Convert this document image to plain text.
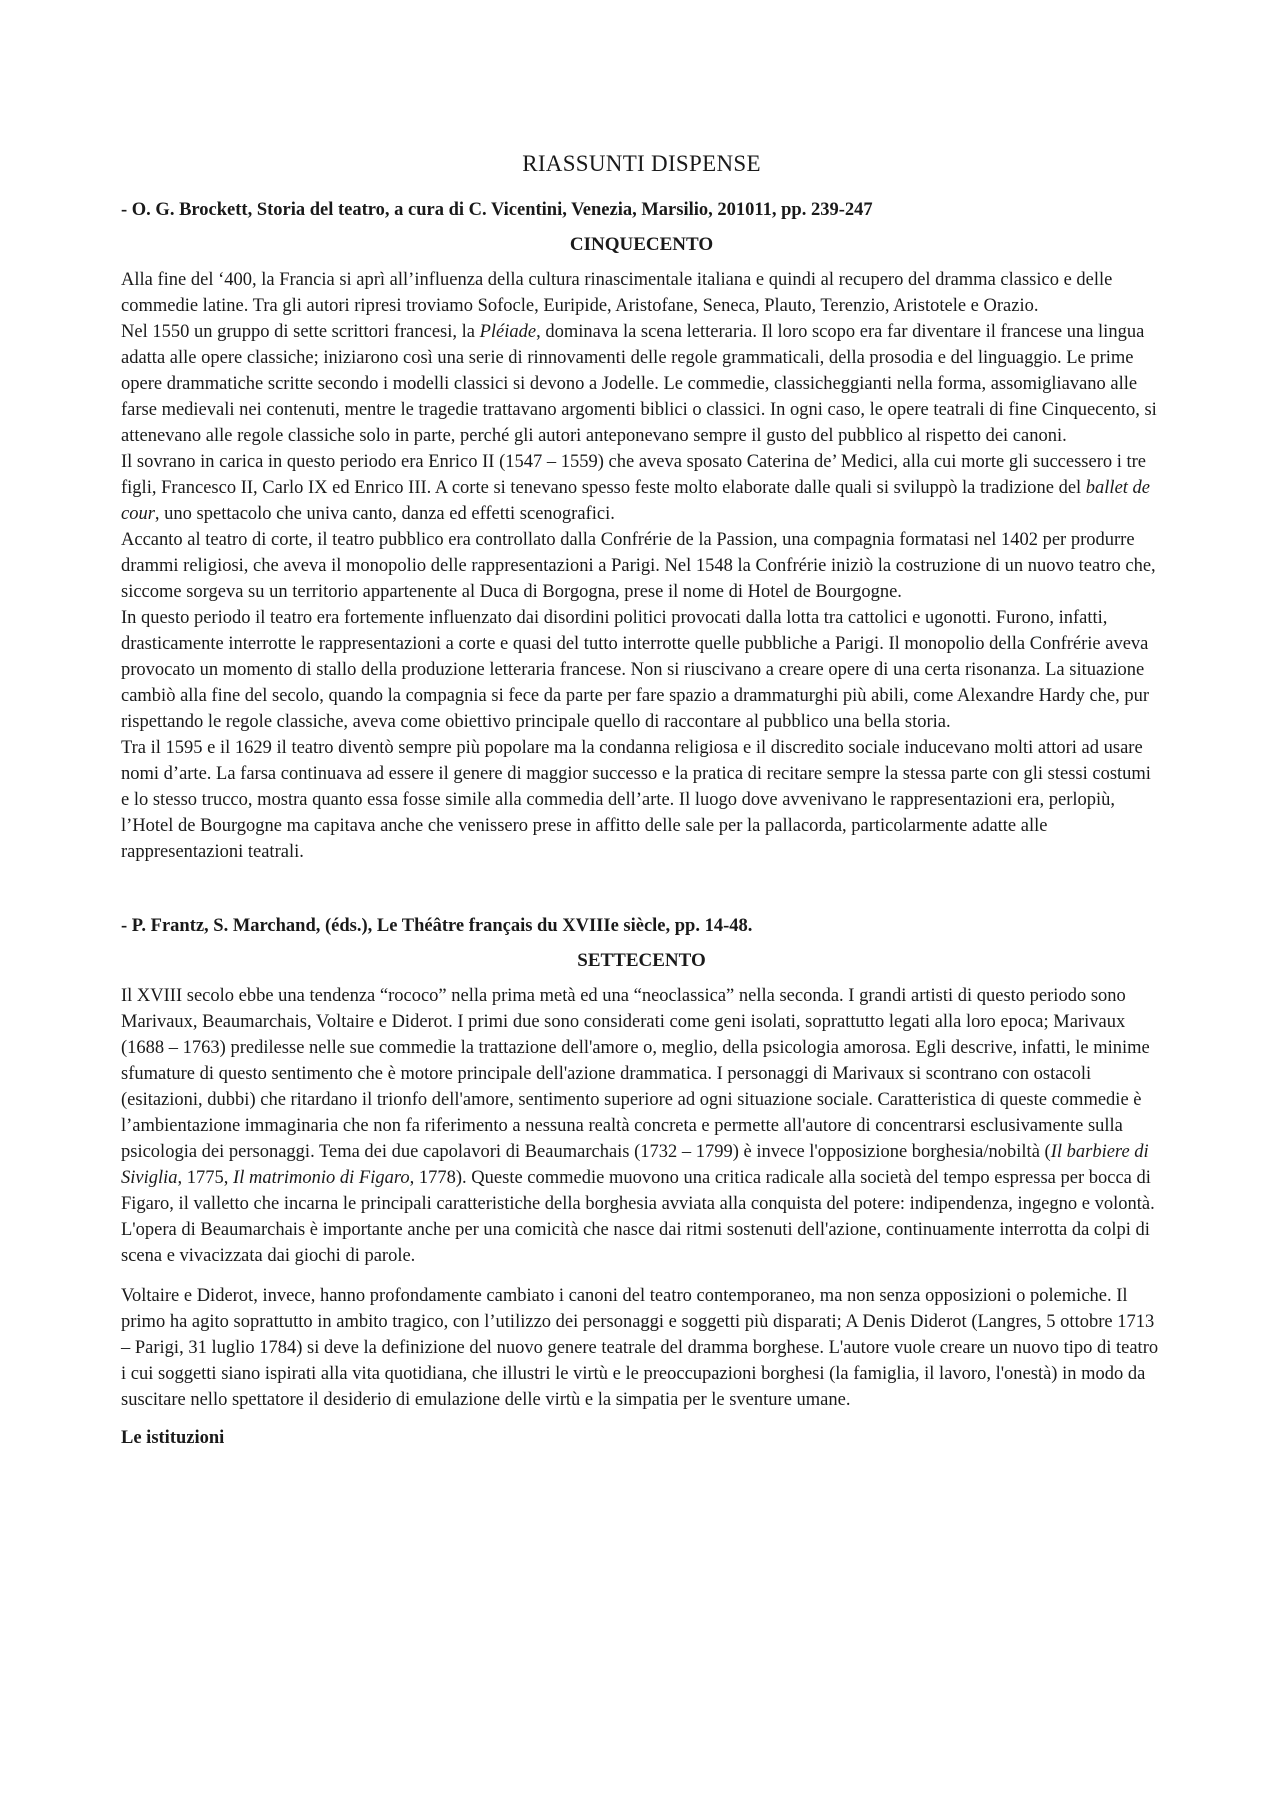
RIASSUNTI DISPENSE

- O. G. Brockett, Storia del teatro, a cura di C. Vicentini, Venezia, Marsilio, 201011, pp. 239-247

CINQUECENTO

Alla fine del ‘400, la Francia si aprì all’influenza della cultura rinascimentale italiana e quindi al recupero del dramma classico e delle commedie latine. Tra gli autori ripresi troviamo Sofocle, Euripide, Aristofane, Seneca, Plauto, Terenzio, Aristotele e Orazio.

Nel 1550 un gruppo di sette scrittori francesi, la Pléiade, dominava la scena letteraria. Il loro scopo era far diventare il francese una lingua adatta alle opere classiche; iniziarono così una serie di rinnovamenti delle regole grammaticali, della prosodia e del linguaggio. Le prime opere drammatiche scritte secondo i modelli classici si devono a Jodelle. Le commedie, classicheggianti nella forma, assomigliavano alle farse medievali nei contenuti, mentre le tragedie trattavano argomenti biblici o classici. In ogni caso, le opere teatrali di fine Cinquecento, si attenevano alle regole classiche solo in parte, perché gli autori anteponevano sempre il gusto del pubblico al rispetto dei canoni.

Il sovrano in carica in questo periodo era Enrico II (1547 – 1559) che aveva sposato Caterina de’ Medici, alla cui morte gli successero i tre figli, Francesco II, Carlo IX ed Enrico III. A corte si tenevano spesso feste molto elaborate dalle quali si sviluppò la tradizione del ballet de cour, uno spettacolo che univa canto, danza ed effetti scenografici.

Accanto al teatro di corte, il teatro pubblico era controllato dalla Confrérie de la Passion, una compagnia formatasi nel 1402 per produrre drammi religiosi, che aveva il monopolio delle rappresentazioni a Parigi. Nel 1548 la Confrérie iniziò la costruzione di un nuovo teatro che, siccome sorgeva su un territorio appartenente al Duca di Borgogna, prese il nome di Hotel de Bourgogne.

In questo periodo il teatro era fortemente influenzato dai disordini politici provocati dalla lotta tra cattolici e ugonotti. Furono, infatti, drasticamente interrotte le rappresentazioni a corte e quasi del tutto interrotte quelle pubbliche a Parigi. Il monopolio della Confrérie aveva provocato un momento di stallo della produzione letteraria francese. Non si riuscivano a creare opere di una certa risonanza. La situazione cambiò alla fine del secolo, quando la compagnia si fece da parte per fare spazio a drammaturghi più abili, come Alexandre Hardy che, pur rispettando le regole classiche, aveva come obiettivo principale quello di raccontare al pubblico una bella storia.

Tra il 1595 e il 1629 il teatro diventò sempre più popolare ma la condanna religiosa e il discredito sociale inducevano molti attori ad usare nomi d’arte. La farsa continuava ad essere il genere di maggior successo e la pratica di recitare sempre la stessa parte con gli stessi costumi e lo stesso trucco, mostra quanto essa fosse simile alla commedia dell’arte. Il luogo dove avvenivano le rappresentazioni era, perlopiù, l’Hotel de Bourgogne ma capitava anche che venissero prese in affitto delle sale per la pallacorda, particolarmente adatte alle rappresentazioni teatrali.

- P. Frantz, S. Marchand, (éds.), Le Théâtre français du XVIIIe siècle, pp. 14-48.

SETTECENTO

Il XVIII secolo ebbe una tendenza “rococo” nella prima metà ed una “neoclassica” nella seconda. I grandi artisti di questo periodo sono Marivaux, Beaumarchais, Voltaire e Diderot. I primi due sono considerati come geni isolati, soprattutto legati alla loro epoca; Marivaux (1688 – 1763) predilesse nelle sue commedie la trattazione dell'amore o, meglio, della psicologia amorosa. Egli descrive, infatti, le minime sfumature di questo sentimento che è motore principale dell'azione drammatica. I personaggi di Marivaux si scontrano con ostacoli (esitazioni, dubbi) che ritardano il trionfo dell'amore, sentimento superiore ad ogni situazione sociale. Caratteristica di queste commedie è l’ambientazione immaginaria che non fa riferimento a nessuna realtà concreta e permette all'autore di concentrarsi esclusivamente sulla psicologia dei personaggi. Tema dei due capolavori di Beaumarchais (1732 – 1799) è invece l'opposizione borghesia/nobiltà (Il barbiere di Siviglia, 1775, Il matrimonio di Figaro, 1778). Queste commedie muovono una critica radicale alla società del tempo espressa per bocca di Figaro, il valletto che incarna le principali caratteristiche della borghesia avviata alla conquista del potere: indipendenza, ingegno e volontà. L'opera di Beaumarchais è importante anche per una comicità che nasce dai ritmi sostenuti dell'azione, continuamente interrotta da colpi di scena e vivacizzata dai giochi di parole.

Voltaire e Diderot, invece, hanno profondamente cambiato i canoni del teatro contemporaneo, ma non senza opposizioni o polemiche. Il primo ha agito soprattutto in ambito tragico, con l’utilizzo dei personaggi e soggetti più disparati; A Denis Diderot (Langres, 5 ottobre 1713 – Parigi, 31 luglio 1784) si deve la definizione del nuovo genere teatrale del dramma borghese. L'autore vuole creare un nuovo tipo di teatro i cui soggetti siano ispirati alla vita quotidiana, che illustri le virtù e le preoccupazioni borghesi (la famiglia, il lavoro, l'onestà) in modo da suscitare nello spettatore il desiderio di emulazione delle virtù e la simpatia per le sventure umane.

Le istituzioni
